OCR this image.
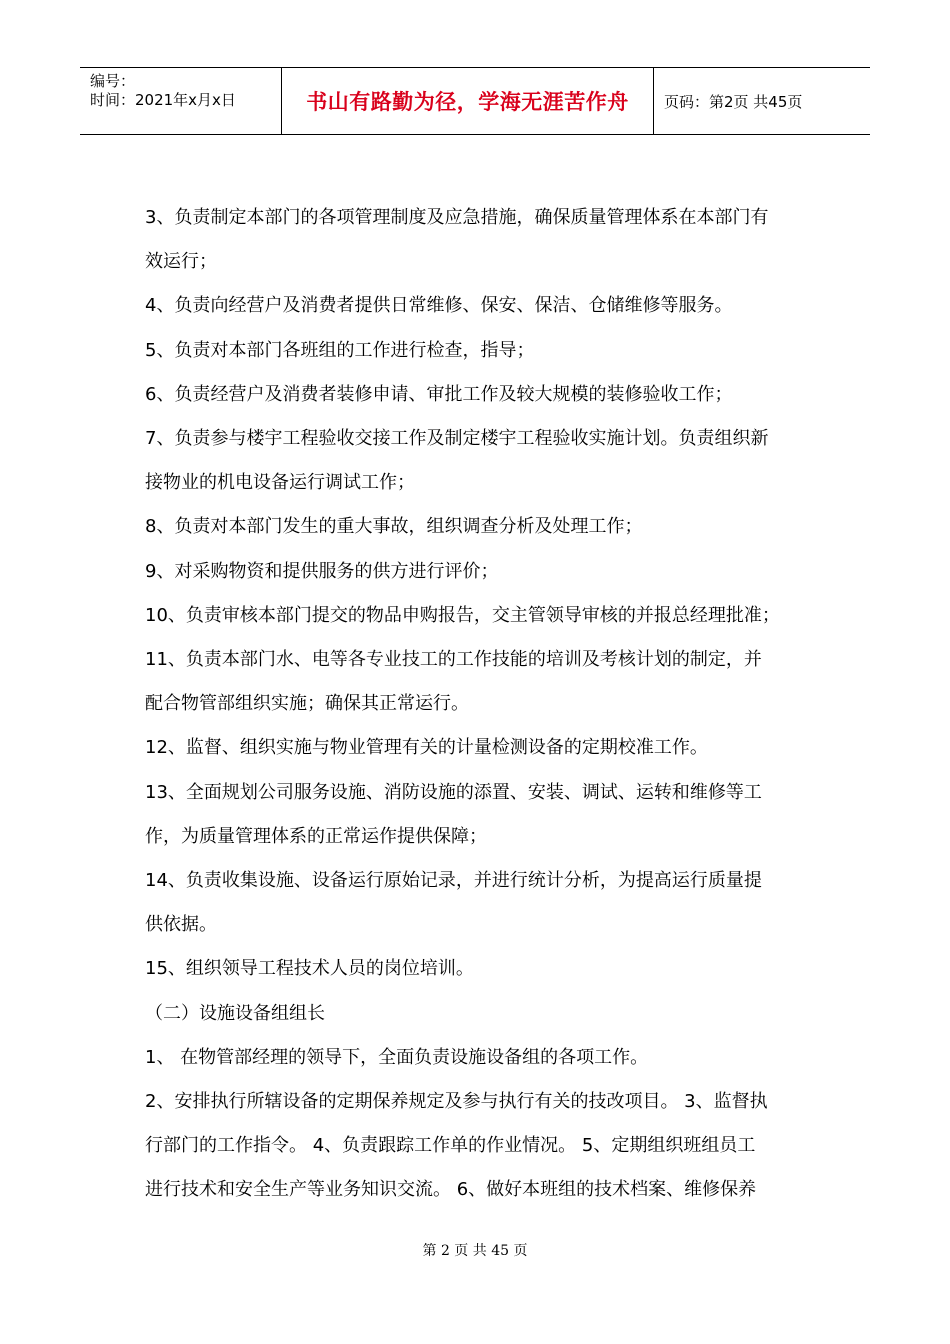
编号：
时间：2021年x月x日	书山有路勤为径，学海无涯苦作舟 页码：第2页 共45页

3、负责制定本部门的各项管理制度及应急措施，确保质量管理体系在本部门有

效运行；

4、负责向经营户及消费者提供日常维修、保安、保洁、仓储维修等服务。

5、负责对本部门各班组的工作进行检查，指导；

6、负责经营户及消费者装修申请、审批工作及较大规模的装修验收工作；

7、负责参与楼宇工程验收交接工作及制定楼宇工程验收实施计划。负责组织新

接物业的机电设备运行调试工作；

8、负责对本部门发生的重大事故，组织调查分析及处理工作；

9、对采购物资和提供服务的供方进行评价；

10、负责审核本部门提交的物品申购报告，交主管领导审核的并报总经理批准；

11、负责本部门水、电等各专业技工的工作技能的培训及考核计划的制定，并

配合物管部组织实施；确保其正常运行。

12、监督、组织实施与物业管理有关的计量检测设备的定期校准工作。

13、全面规划公司服务设施、消防设施的添置、安装、调试、运转和维修等工

作，为质量管理体系的正常运作提供保障；

14、负责收集设施、设备运行原始记录，并进行统计分析，为提高运行质量提

供依据。

15、组织领导工程技术人员的岗位培训。

（二）设施设备组组长

1、 在物管部经理的领导下，全面负责设施设备组的各项工作。

2、安排执行所辖设备的定期保养规定及参与执行有关的技改项目。 3、监督执

行部门的工作指令。 4、负责跟踪工作单的作业情况。 5、定期组织班组员工

进行技术和安全生产等业务知识交流。 6、做好本班组的技术档案、维修保养

第 2 页 共 45 页
